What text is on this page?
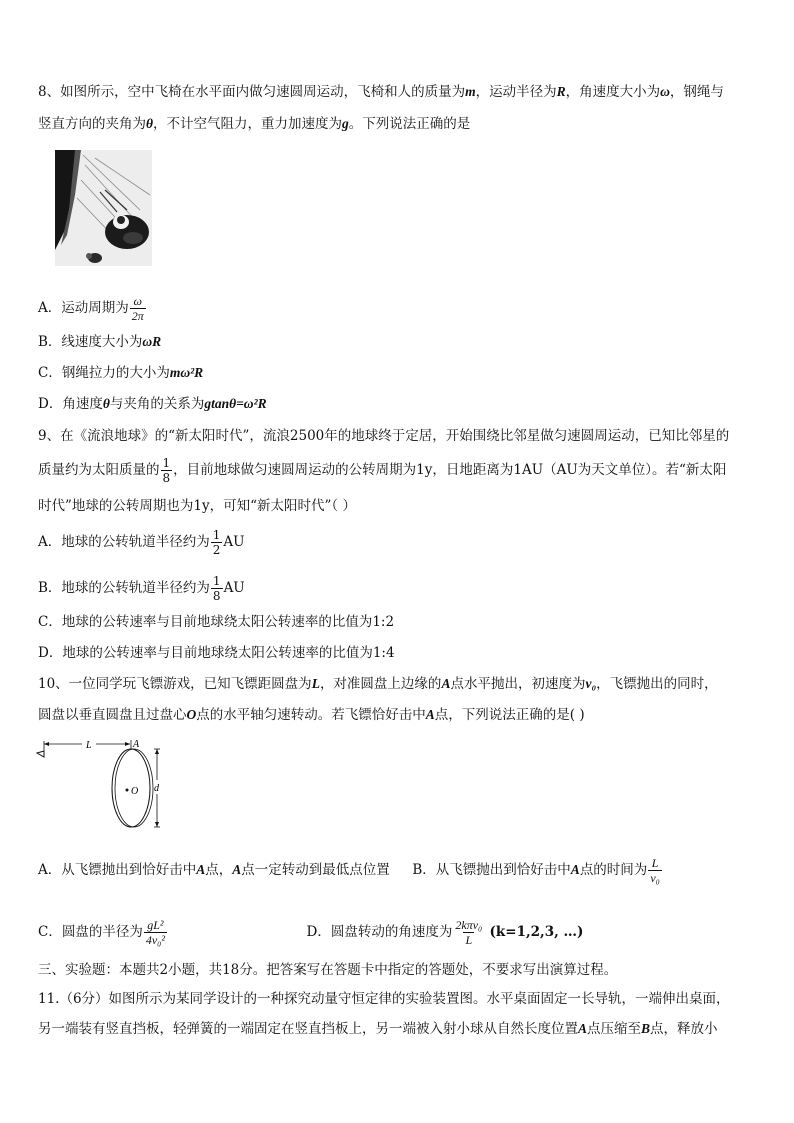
8、如图所示，空中飞椅在水平面内做匀速圆周运动，飞椅和人的质量为m，运动半径为R，角速度大小为ω，钢绳与
竖直方向的夹角为θ，不计空气阻力，重力加速度为g。下列说法正确的是
A．运动周期为 $\frac{\omega}{2\pi}$
B．线速度大小为ωR
C．钢绳拉力的大小为mω²R
D．角速度θ与夹角的关系为gtanθ=ω²R
9、在《流浪地球》的“新太阳时代”，流浪2500年的地球终于定居，开始围绕比邻星做匀速圆周运动，已知比邻星的
质量约为太阳质量的 $\frac{1}{8}$ ，目前地球做匀速圆周运动的公转周期为1y，日地距离为1AU（AU为天文单位）。若“新太阳
时代”地球的公转周期也为1y，可知“新太阳时代”（ ）
A．地球的公转轨道半径约为 $\frac{1}{2}$ AU
B．地球的公转轨道半径约为 $\frac{1}{8}$ AU
C．地球的公转速率与目前地球绕太阳公转速率的比值为1:2
D．地球的公转速率与目前地球绕太阳公转速率的比值为1:4
10、一位同学玩飞镖游戏，已知飞镖距圆盘为L，对准圆盘上边缘的A点水平抛出，初速度为v₀，飞镖抛出的同时，
圆盘以垂直圆盘且过盘心O点的水平轴匀速转动。若飞镖恰好击中A点，下列说法正确的是( )
L	A
O d
A．从飞镖抛出到恰好击中A点，A点一定转动到最低点位置 B．从飞镖抛出到恰好击中A点的时间为 $\frac{L}{\text{v₀}}$
C．圆盘的半径为 $\frac{\text{gL²}}{\text{4v₀²}}$	D．圆盘转动的角速度为 $\frac{\text{2kπv₀}}{L} (k=1,2,3$, …)
三、实验题：本题共2小题，共18分。把答案写在答题卡中指定的答题处，不要求写出演算过程。
11.（6分）如图所示为某同学设计的一种探究动量守恒定律的实验装置图。水平桌面固定一长导轨，一端伸出桌面，
另一端装有竖直挡板，轻弹簧的一端固定在竖直挡板上，另一端被入射小球从自然长度位置A点压缩至B点，释放小
